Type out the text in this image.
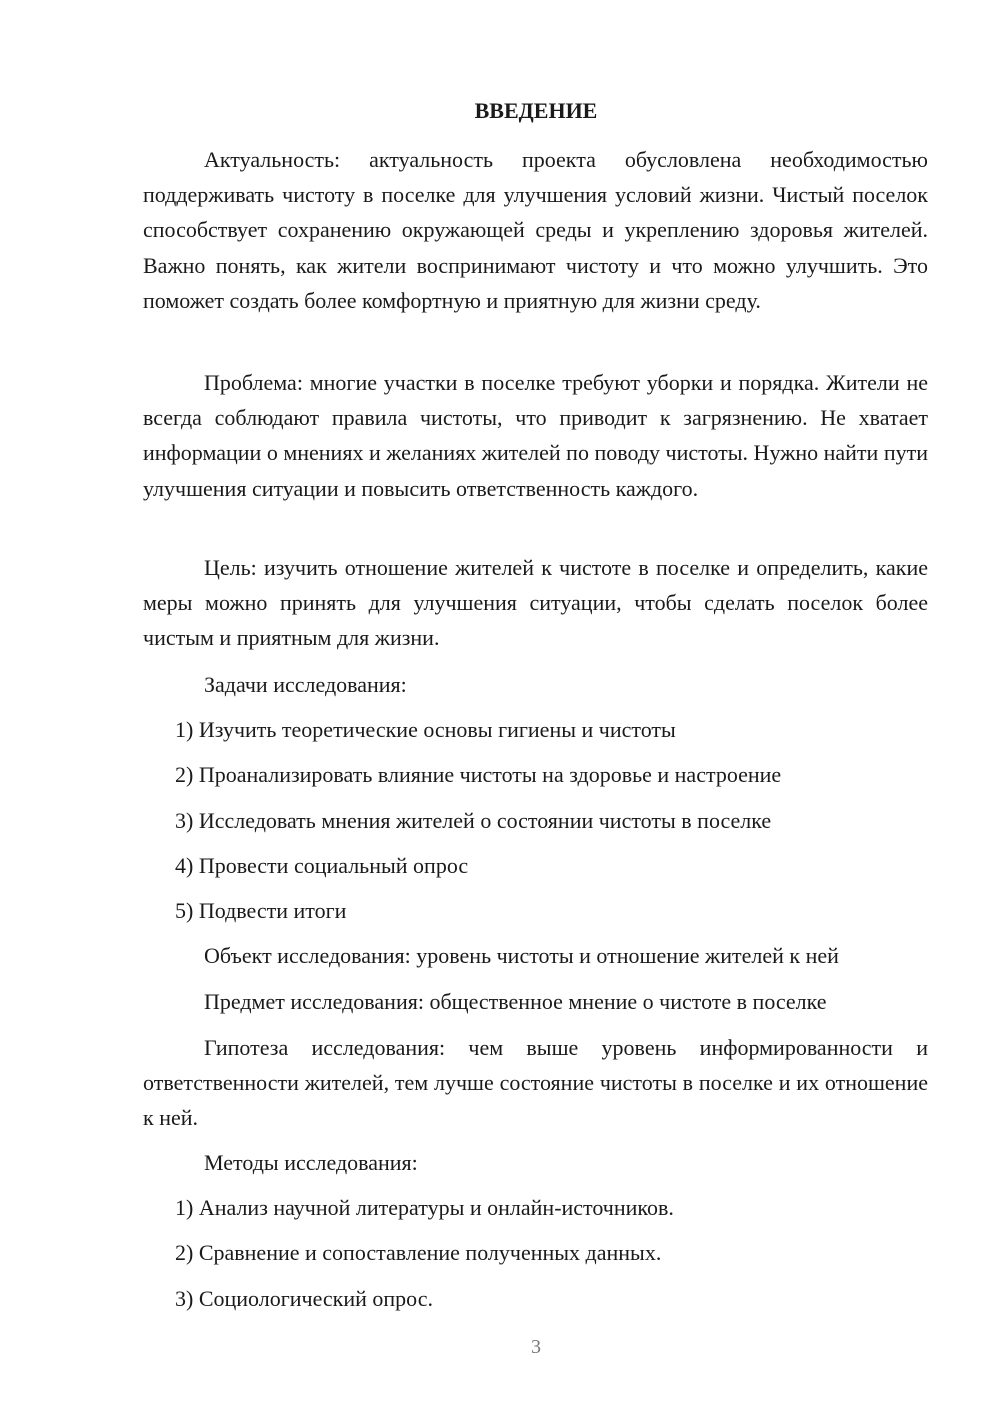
ВВЕДЕНИЕ

Актуальность: актуальность проекта обусловлена необходимостью поддерживать чистоту в поселке для улучшения условий жизни. Чистый поселок способствует сохранению окружающей среды и укреплению здоровья жителей. Важно понять, как жители воспринимают чистоту и что можно улучшить. Это поможет создать более комфортную и приятную для жизни среду.

Проблема: многие участки в поселке требуют уборки и порядка. Жители не всегда соблюдают правила чистоты, что приводит к загрязнению. Не хватает информации о мнениях и желаниях жителей по поводу чистоты. Нужно найти пути улучшения ситуации и повысить ответственность каждого.

Цель: изучить отношение жителей к чистоте в поселке и определить, какие меры можно принять для улучшения ситуации, чтобы сделать поселок более чистым и приятным для жизни.

Задачи исследования:
1) Изучить теоретические основы гигиены и чистоты
2) Проанализировать влияние чистоты на здоровье и настроение
3) Исследовать мнения жителей о состоянии чистоты в поселке
4) Провести социальный опрос
5) Подвести итоги
Объект исследования: уровень чистоты и отношение жителей к ней
Предмет исследования: общественное мнение о чистоте в поселке

Гипотеза исследования: чем выше уровень информированности и ответственности жителей, тем лучше состояние чистоты в поселке и их отношение к ней.

Методы исследования:
1) Анализ научной литературы и онлайн-источников.
2) Сравнение и сопоставление полученных данных.
3) Социологический опрос.
3
